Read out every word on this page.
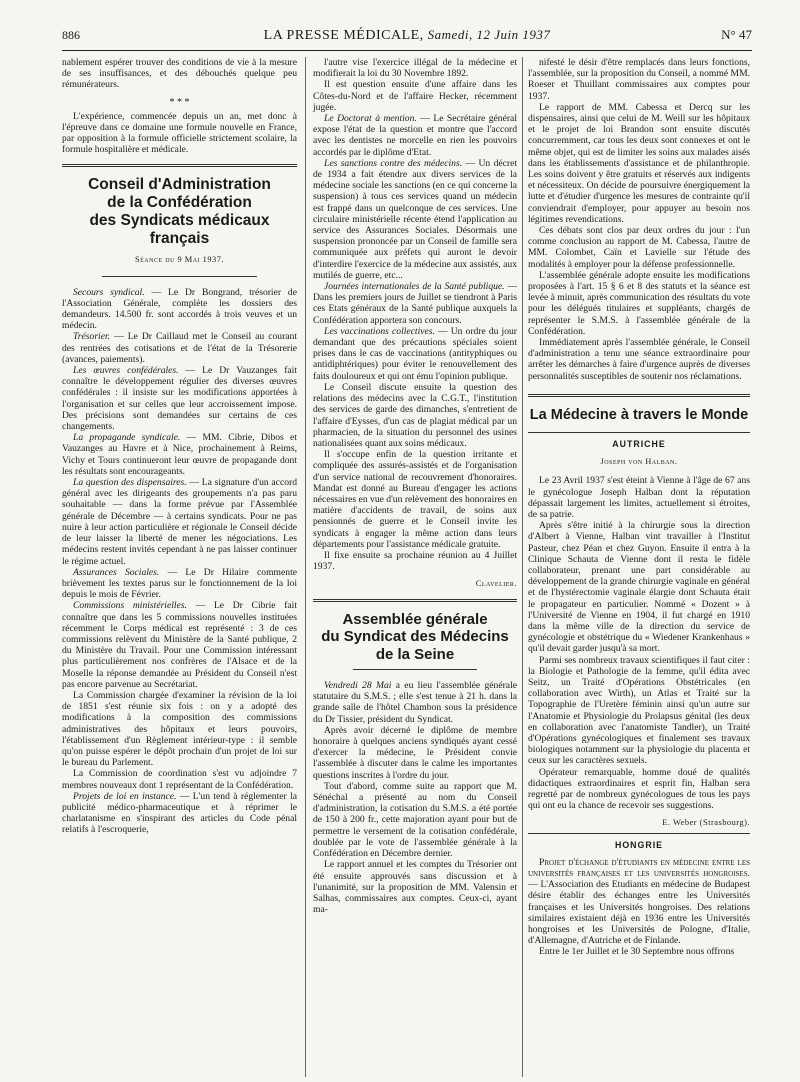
886	LA PRESSE MÉDICALE, Samedi, 12 Juin 1937	N° 47

nablement espérer trouver des conditions de vie à la mesure de ses insuffisances, et des débouchés quelque peu rémunérateurs.

* * *

L'expérience, commencée depuis un an, met donc à l'épreuve dans ce domaine une formule nouvelle en France, par opposition à la formule officielle strictement scolaire, la formule hospitalière et médicale.

Conseil d'Administration
de la Confédération
des Syndicats médicaux français
Séance du 9 Mai 1937.

Secours syndical. — Le Dr Bongrand, trésorier de l'Association Générale, complète les dossiers des demandeurs. 14.500 fr. sont accordés à trois veuves et un médecin.

Trésorier. — Le Dr Caillaud met le Conseil au courant des rentrées des cotisations et de l'état de la Trésorerie (avances, paiements).

Les œuvres confédérales. — Le Dr Vauzanges fait connaître le développement régulier des diverses œuvres confédérales : il insiste sur les modifications apportées à l'organisation et sur celles que leur accroissement impose. Des précisions sont demandées sur certains de ces changements.

La propagande syndicale. — MM. Cibrie, Dibos et Vauzanges au Havre et à Nice, prochainement à Reims, Vichy et Tours continueront leur œuvre de propagande dont les résultats sont encourageants.

La question des dispensaires. — La signature d'un accord général avec les dirigeants des groupements n'a pas paru souhaitable — dans la forme prévue par l'Assemblée générale de Décembre — à certains syndicats. Pour ne pas nuire à leur action particulière et régionale le Conseil décide de leur laisser la liberté de mener les négociations. Les médecins restent invités cependant à ne pas laisser continuer le régime actuel.

Assurances Sociales. — Le Dr Hilaire commente brièvement les textes parus sur le fonctionnement de la loi depuis le mois de Février.

Commissions ministérielles. — Le Dr Cibrie fait connaître que dans les 5 commissions nouvelles instituées récemment le Corps médical est représenté : 3 de ces commissions relèvent du Ministère de la Santé publique, 2 du Ministère du Travail. Pour une Commission intéressant plus particulièrement nos confrères de l'Alsace et de la Moselle la réponse demandée au Président du Conseil n'est pas encore parvenue au Secrétariat.

La Commission chargée d'examiner la révision de la loi de 1851 s'est réunie six fois : on y a adopté des modifications à la composition des commissions administratives des hôpitaux et leurs pouvoirs, l'établissement d'un Règlement intérieur-type : il semble qu'on puisse espérer le dépôt prochain d'un projet de loi sur le bureau du Parlement.

La Commission de coordination s'est vu adjoindre 7 membres nouveaux dont 1 représentant de la Confédération.

Projets de loi en instance. — L'un tend à réglementer la publicité médico-pharmaceutique et à réprimer le charlatanisme en s'inspirant des articles du Code pénal relatifs à l'escroquerie,

l'autre vise l'exercice illégal de la médecine et modifierait la loi du 30 Novembre 1892.

Il est question ensuite d'une affaire dans les Côtes-du-Nord et de l'affaire Hecker, récemment jugée.

Le Doctorat à mention. — Le Secrétaire général expose l'état de la question et montre que l'accord avec les dentistes ne morcelle en rien les pouvoirs accordés par le diplôme d'Etat.

Les sanctions contre des médecins. — Un décret de 1934 a fait étendre aux divers services de la médecine sociale les sanctions (en ce qui concerne la suspension) à tous ces services quand un médecin est frappé dans un quelconque de ces services. Une circulaire ministérielle récente étend l'application au service des Assurances Sociales. Désormais une suspension prononcée par un Conseil de famille sera communiquée aux préfets qui auront le devoir d'interdire l'exercice de la médecine aux assistés, aux mutilés de guerre, etc...

Journées internationales de la Santé publique. — Dans les premiers jours de Juillet se tiendront à Paris ces Etats généraux de la Santé publique auxquels la Confédération apportera son concours.

Les vaccinations collectives. — Un ordre du jour demandant que des précautions spéciales soient prises dans le cas de vaccinations (antityphiques ou antidiphtériques) pour éviter le renouvellement des faits douloureux et qui ont ému l'opinion publique.

Le Conseil discute ensuite la question des relations des médecins avec la C.G.T., l'institution des services de garde des dimanches, s'entretient de l'affaire d'Eysses, d'un cas de plagiat médical par un pharmacien, de la situation du personnel des usines nationalisées quant aux soins médicaux.

Il s'occupe enfin de la question irritante et compliquée des assurés-assistés et de l'organisation d'un service national de recouvrement d'honoraires. Mandat est donné au Bureau d'engager les actions nécessaires en vue d'un relèvement des honoraires en matière d'accidents de travail, de soins aux pensionnés de guerre et le Conseil invite les syndicats à engager la même action dans leurs départements pour l'assistance médicale gratuite.

Il fixe ensuite sa prochaine réunion au 4 Juillet 1937.

Clavelier.
Assemblée générale
du Syndicat des Médecins
de la Seine

Vendredi 28 Mai a eu lieu l'assemblée générale statutaire du S.M.S. ; elle s'est tenue à 21 h. dans la grande salle de l'hôtel Chambon sous la présidence du Dr Tissier, président du Syndicat.

Après avoir décerné le diplôme de membre honoraire à quelques anciens syndiqués ayant cessé d'exercer la médecine, le Président convie l'assemblée à discuter dans le calme les importantes questions inscrites à l'ordre du jour.

Tout d'abord, comme suite au rapport que M. Sénéchal a présenté au nom du Conseil d'administration, la cotisation du S.M.S. a été portée de 150 à 200 fr., cette majoration ayant pour but de permettre le versement de la cotisation confédérale, doublée par le vote de l'assemblée générale à la Confédération en Décembre dernier.

Le rapport annuel et les comptes du Trésorier ont été ensuite approuvés sans discussion et à l'unanimité, sur la proposition de MM. Valensin et Salhas, commissaires aux comptes. Ceux-ci, ayant ma-

nifesté le désir d'être remplacés dans leurs fonctions, l'assemblée, sur la proposition du Conseil, a nommé MM. Roeser et Thuillant commissaires aux comptes pour 1937.

Le rapport de MM. Cabessa et Dercq sur les dispensaires, ainsi que celui de M. Weill sur les hôpitaux et le projet de loi Brandon sont ensuite discutés concurremment, car tous les deux sont connexes et ont le même objet, qui est de limiter les soins aux malades aisés dans les établissements d'assistance et de philanthropie. Les soins doivent y être gratuits et réservés aux indigents et nécessiteux. On décide de poursuivre énergiquement la lutte et d'étudier d'urgence les mesures de contrainte qu'il conviendrait d'employer, pour appuyer au besoin nos légitimes revendications.

Ces débats sont clos par deux ordres du jour : l'un comme conclusion au rapport de M. Cabessa, l'autre de MM. Colombet, Caïn et Lavielle sur l'étude des modalités à employer pour la défense professionnelle.

L'assemblée générale adopte ensuite les modifications proposées à l'art. 15 § 6 et 8 des statuts et la séance est levée à minuit, après communication des résultats du vote pour les délégués titulaires et suppléants, chargés de représenter le S.M.S. à l'assemblée générale de la Confédération.

Immédiatement après l'assemblée générale, le Conseil d'administration a tenu une séance extraordinaire pour arrêter les démarches à faire d'urgence auprès de diverses personnalités susceptibles de soutenir nos réclamations.

La Médecine à travers le Monde
AUTRICHE
Joseph von Halban.

Le 23 Avril 1937 s'est éteint à Vienne à l'âge de 67 ans le gynécologue Joseph Halban dont la réputation dépassait largement les limites, actuellement si étroites, de sa patrie.

Après s'être initié à la chirurgie sous la direction d'Albert à Vienne, Halban vint travailler à l'Institut Pasteur, chez Péan et chez Guyon. Ensuite il entra à la Clinique Schauta de Vienne dont il resta le fidèle collaborateur, prenant une part considérable au développement de la grande chirurgie vaginale en général et de l'hystérectomie vaginale élargie dont Schauta était le propagateur en particulier. Nommé « Dozent » à l'Université de Vienne en 1904, il fut chargé en 1910 dans la même ville de la direction du service de gynécologie et obstétrique du « Wiedener Krankenhaus » qu'il devait garder jusqu'à sa mort.

Parmi ses nombreux travaux scientifiques il faut citer : la Biologie et Pathologie de la femme, qu'il édita avec Seitz, un Traité d'Opérations Obstétricales (en collaboration avec Wirth), un Atlas et Traité sur la Topographie de l'Uretère féminin ainsi qu'un autre sur l'Anatomie et Physiologie du Prolapsus génital (les deux en collaboration avec l'anatomiste Tandler), un Traité d'Opérations gynécologiques et finalement ses travaux biologiques notamment sur la physiologie du placenta et ceux sur les caractères sexuels.

Opérateur remarquable, homme doué de qualités didactiques extraordinaires et esprit fin, Halban sera regretté par de nombreux gynécologues de tous les pays qui ont eu la chance de recevoir ses suggestions.

E. Weber (Strasbourg).
HONGRIE

Projet d'échange d'étudiants en médecine entre les universités françaises et les universités hongroises. — L'Association des Etudiants en médecine de Budapest désire établir des échanges entre les Universités françaises et les Universités hongroises. Des relations similaires existaient déjà en 1936 entre les Universités hongroises et les Universités de Pologne, d'Italie, d'Allemagne, d'Autriche et de Finlande.

Entre le 1er Juillet et le 30 Septembre nous offrons
